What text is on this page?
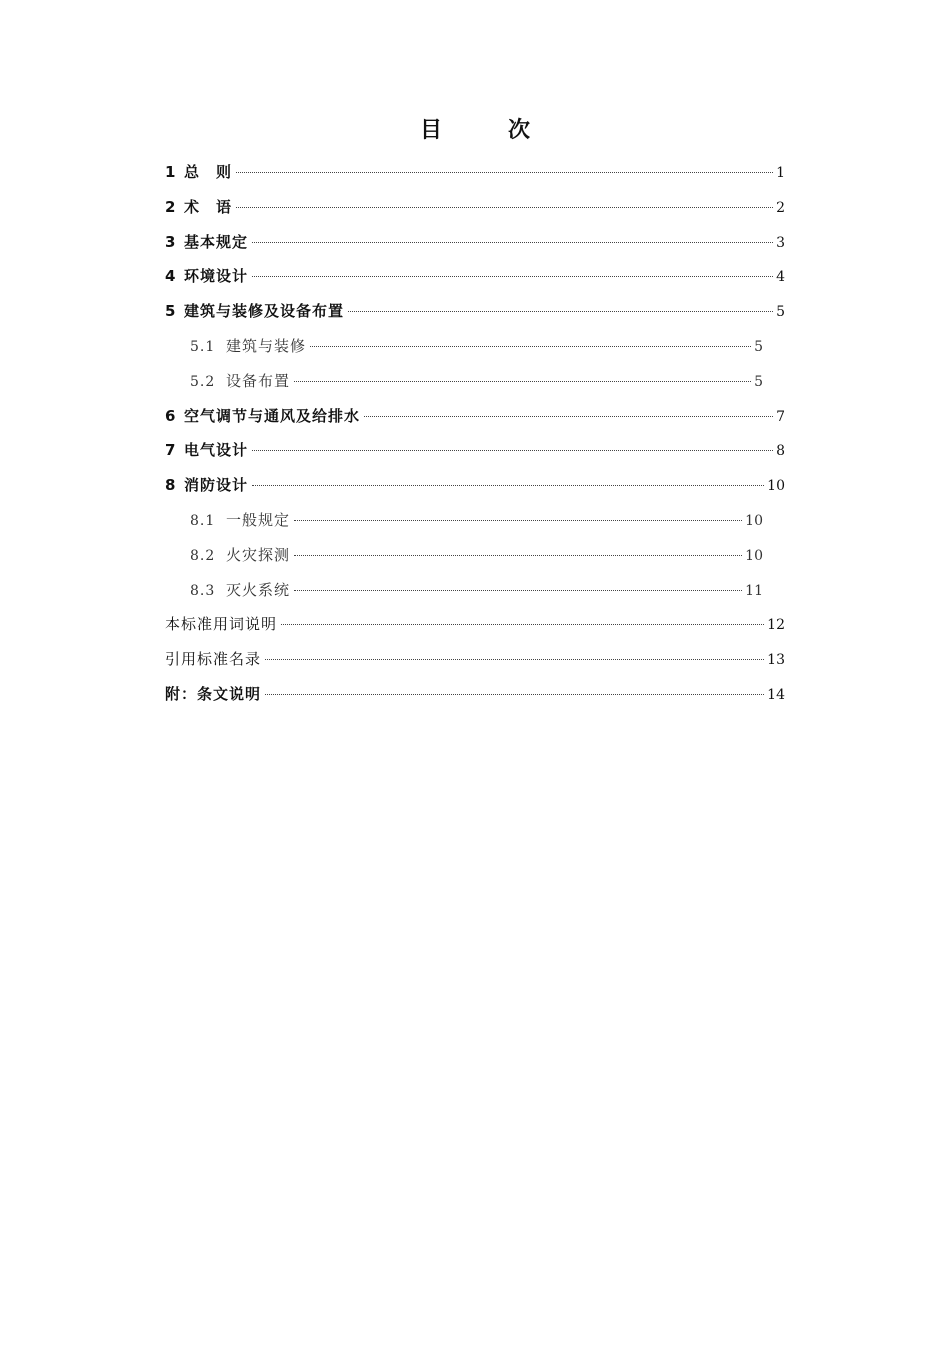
目　次
1 总　则	1
2 术　语	2
3 基本规定	3
4 环境设计	4
5 建筑与装修及设备布置	5
5.1 建筑与装修	5
5.2 设备布置	5
6 空气调节与通风及给排水	7
7 电气设计	8
8 消防设计	10
8.1 一般规定	10
8.2 火灾探测	10
8.3 灭火系统	11
本标准用词说明	12
引用标准名录	13
附：条文说明	14
